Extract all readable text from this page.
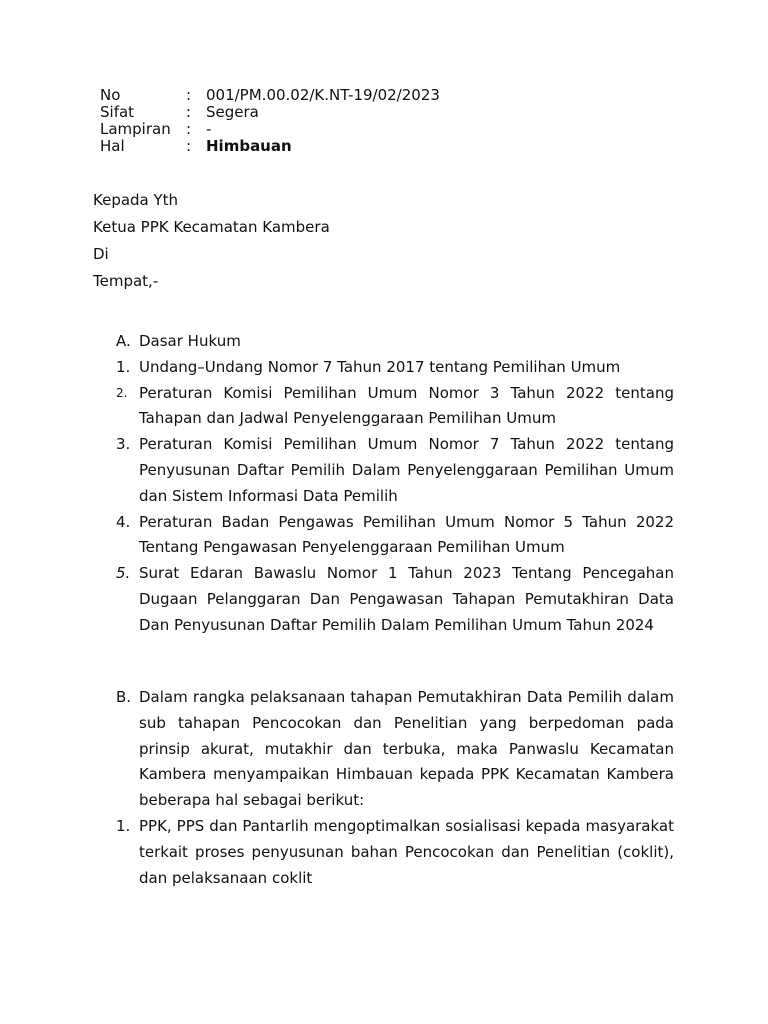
No	: 001/PM.00.02/K.NT-19/02/2023
Sifat	: Segera
Lampiran	: -
Hal	: Himbauan
Kepada Yth
Ketua PPK Kecamatan Kambera
Di
Tempat,-
A. Dasar Hukum
1. Undang–Undang Nomor 7 Tahun 2017 tentang Pemilihan Umum
2. Peraturan Komisi Pemilihan Umum Nomor 3 Tahun 2022 tentang Tahapan dan Jadwal Penyelenggaraan Pemilihan Umum
3. Peraturan Komisi Pemilihan Umum Nomor 7 Tahun 2022 tentang Penyusunan Daftar Pemilih Dalam Penyelenggaraan Pemilihan Umum dan Sistem Informasi Data Pemilih
4. Peraturan Badan Pengawas Pemilihan Umum Nomor 5 Tahun 2022 Tentang Pengawasan Penyelenggaraan Pemilihan Umum
5. Surat Edaran Bawaslu Nomor 1 Tahun 2023 Tentang Pencegahan Dugaan Pelanggaran Dan Pengawasan Tahapan Pemutakhiran Data Dan Penyusunan Daftar Pemilih Dalam Pemilihan Umum Tahun 2024
B. Dalam rangka pelaksanaan tahapan Pemutakhiran Data Pemilih dalam sub tahapan Pencocokan dan Penelitian yang berpedoman pada prinsip akurat, mutakhir dan terbuka, maka Panwaslu Kecamatan Kambera menyampaikan Himbauan kepada PPK Kecamatan Kambera beberapa hal sebagai berikut:
1. PPK, PPS dan Pantarlih mengoptimalkan sosialisasi kepada masyarakat terkait proses penyusunan bahan Pencocokan dan Penelitian (coklit), dan pelaksanaan coklit
